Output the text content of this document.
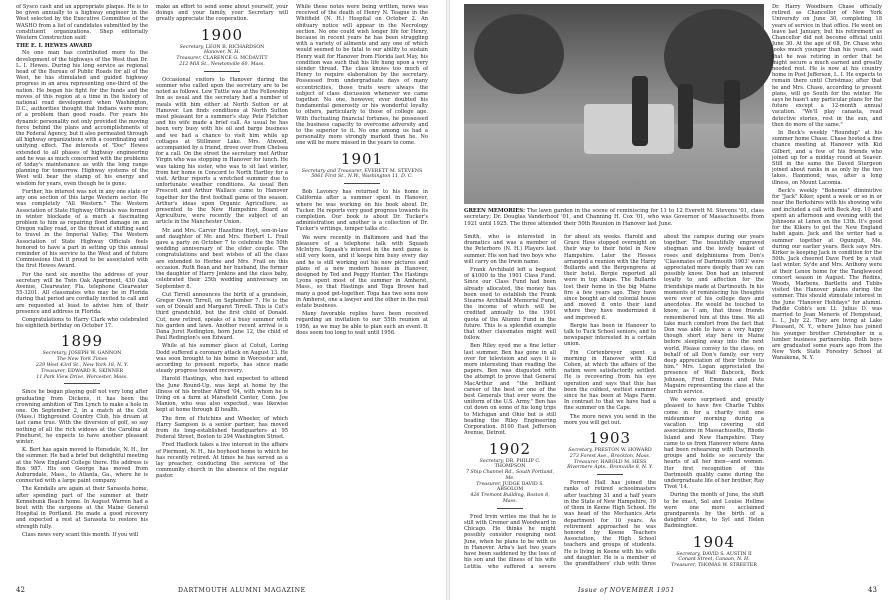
of Sysco cash and an appropriate plaque. He is to be given annually to a highway engineer in the West selected by the Executive Committee of the WASHO from a list of candidates submitted by the constituent organizations. Shep editorially Western Construction said:

THE E. I. HEWES AWARD

No one man has contributed more to the development of the highways of the West than Dr. L. I. Hewes. During his long service as regional head of the Bureau of Public Roads for all of the West, he has stimulated and guided highway progress in an area representing one-third of the nation. He began his fight for the funds and the moves of this region at a time in the history of national road development when Washington, D.C., authorities thought that Indians were more of a problem than good roads. For years his dynamic personality not only provided the moving force behind the plans and accomplishments of the Federal Agency, but it also permeated through all highway organizations with a coordinating and unifying effect. The interests of "Doc" Hewes extended to all phases of highway engineering and he was as much concerned with the problems of today's maintenance as with the long range planning for tomorrow. Highway systems of the West will bear the stamp of his energy and wisdom for years, even though he is gone.

Further, his interest was not in any one state or any one section of this large Western sector. He was completely "All Western." The Western Association of State Highway Officials was formed in winter blockade of a much a fascinating problem to him as repairing flood damage on an Oregon valley road, or the threat of shifting sand to travel in the Imperial Valley. The Western Association of State Highway Officials feels honored to have a part in setting up this annual reminder of his service to the West and of future Commissions that it proud to be associated with the first Hewes Award.

For the next six months the address of your secretary will be Twin Oak Apartment, 430 Oak Avenue, Clearwater, Fla. telephone Clearwater 55-3201. All classmates who may be in Florida during that period are cordially invited to call and are requested at least to advise him of their presence and address in Florida.

Congratulations to Harry Clark who celebrated his eightieth birthday on October 17.

1899
Secretary, JOSEPH W. GANNON
The New York Times
229 West 43rd St., New York 18, N. Y.
Treasurer, EDWARD R. SKINNER
11 Park View Drive, Worcester, Mass.

Since he began playing golf not very long after graduating from Dickens, it has been the crowning ambition of Tim Lynch to make a hole in one. On September 2, in a match at the Colt (Mass.) Highground Country Club, his dream at last came true. With the diversion of golf, so say nothing of all the rich widows at the Carolina at Pinehurst, he expects to have another pleasant winter.

K. Bert has again moved to Hensdale, N. H., for the summer. He had a brief but delightful meeting at the New England College there. His address is Box 987. His son George has moved from Auburndale, Mass., to Atlanta, Ga., where he is connected with a large paint company.

The Kendalls are again at their Sarasota home, after spending part of the summer at their Kennebunk Beach home. In August Warren had a bout with the surgeons at the Maine General Hospital in Portland. He made a good recovery and expected a rest at Sarasota to restore his strength fully.

Class news very scant this month. If you will

make an effort to send some about yourself, your doings and your family, your Secretary will greatly appreciate the cooperation.

1900
Secretary, LEON B. RICHARDSON
Hanover, N. H.
Treasurer, CLARENCE G. MCDAVITT
212 Mill St., Newtonville 60, Mass.

Occasional visitors to Hanover during the summer who called upon the secretary are to be noted as follows. Lew Tuttle was at the Fellowship Inn as usual and the secretary had a number of meals with him either at North Sutton or at Hanover. Len finds conditions at North Sutton most pleasant for a summer's stay. Pete Fletcher and his wife made a brief call. As usual he has been very busy with his oil and barge business and we had a chance to visit him while up cottages at Stillmeer Lake. Mrs. Atwood, accompanied by a friend, drove over from Chelsea for a call. On the street the secretary met Arthur Virgin who was stopping in Hanover for lunch. He was taking his sister, who was to sit last winter, from her home in Concord to North Hartley for a visit. Arthur reports a wretched summer due to unfortunate weather conditions. As usual Ben Prescott and Arthur Wallace came to Hanover together for the first football game of the season. Arthur's ideas upon Organic Agriculture, as presented to the New Hampshire Board of Agriculture, were recently the subject of an article in the Manchester Union.

Mr. and Mrs. Carver Hazeltine Hoyt, son-in-law and daughter of Mr. and Mrs. Herbert L. Frail gave a party on October 7 to celebrate the 50th wedding anniversary of the elder couple. The congratulations and best wishes of all the class are extended to Herbie and Mrs. Frail on this occasion. Ruth Bean and her husband, the former the daughter of Harry Jenkins and the class baby, celebrated their 25th wedding anniversary on September 8.

Cut Tirrell announces the birth of a grandson, Gregor Owen Tirrell, on September 7. He is the son of Donald and Margaret Tirrell. This is Cut's third grandchild, but the first child of Donald. Cut, now retired, speaks of a busy summer with his garden and lawn. Another recent arrival is a Dana Jurst Redington, born June 12, the child of Paul Redington's son Edward.

While at his summer place at Cotuit, Loring Dodd suffered a coronary attack on August 13. He was soon brought to his home in Worcester and, according to present reports, has since made steady progress toward recovery.

Harold Hastings, who had expected to attend the June Round-Up, was kept at home by the illness of his brother Alfred '04, with whom he is living on a farm at Mansfield Center, Conn. Joe Manion, who was also expected, was likewise kept at home through ill health.

The firm of Hutchins and Wheeler, of which Harry Sampson is a senior partner, has moved from its long-established headquarters at 95 Federal Street, Boston to 294 Washington Street.

Fred Hadlock takes a live interest in the affairs of Piermont, N. H., his boyhood home to which he has recently retired. At times he has served as a lay preacher, conducting the services of the community church in the absence of the regular pastor.

While these notes were being written, news was received of the death of Henry N. Teague in the Whitfield (N. H.) Hospital on October 2. An obituary notice will appear in the Necrology section. No one could wish longer life for Henry, because in recent years he has been struggling with a variety of ailments and any one of which would seemed to be fatal to our ability to sustain Henry wait for Hanover from Florida last May, his condition was such that his life hung upon a very slender thread. The class knows too much of Henry to require elaboration by the secretary. Possessed from undergraduate days of many eccentricities, those traits were always the subject of class discussion whenever we came together. No one, however, ever doubted his fundamental generosity or his wonderful loyalty to others, particularly to those of college age. With fluctuating financial fortunes, he possessed the business capacity to overcome adversity and to the superior to it. No one among us had a personality more strongly marked than he. No one will be more missed in the years to come.

1901
Secretary and Treasurer, EVERETT M. STEVENS
5061 First St., N.W., Washington 11, D. C.

Bob Lavoncy has returned to his home in California after a summer spent in Hanover, where he was working on his book about Dr. Tucker. He reports very good progress towards its completion. Our book is about Dr. Tucker's administration and another is a collection of Dr. Tucker's writings, temper talks etc.

We were recently in Baltimore and had the pleasure of a telephone talk with Squash McIntyre. Squash's interest in the next game is still very keen, and it keeps him busy every day and he is still working out his new pictures and plans of a new modern house in Hanover, designed by Ted and Peggy Hunter. The Hastings Lyons spent most of the summer in Amherst, Mass., so that Hastings and Toga Brown had many a good get-together. Toga has two sons now in Amherst, one a lawyer and the other in the real estate business.

Many favorable replies have been received regarding an invitation to our 55th reunion at 1956, as we may be able to plan such an event. It does seem too long to wait until 1956.

42	DARTMOUTH ALUMNI MAGAZINE
GREEN MEMORIES: The lawn garden in the scene of reminiscing for 11 to 12 Everett M. Stevens '01, class secretary; Dr. Douglas Vanderhoof '01, and Channing H. Cox '01, who was Governor of Massachusetts from 1921 until 1925. The three attended their 50th Reunion in Hanover last June.

Smith, who is interested in dramatics and was a member of the Peterboro (N. H.) Players last summer. His son had two boys who will carry on the Irwin name.

Frank Archibald left a bequest of $1000 to the 1901 Class Fund. Since our Class Fund had been already allocated, the money has been used to establish the Frank Stearns Archibald Memorial Fund, the income of which will be credited annually to the 1901 quota of the Alumni Fund in the future. This is a splendid example that other classmates might well follow.

Ben Riley eyed me a fine letter last summer. Ben has gone in all over for television and says it is more interesting than reading the papers. Ben was disgusted with the attempt to prove that General MacArthur and "the brilliant career of the best or one of the best Generals that ever wore the uniform of the U.S. Army." Ben has cut down on some of his long trips to Michigan and Ohio but is still heading the Riley Engineering Corporation. 8100 East Jefferson Avenue, Detroit.

1902
Secretary, DR. PHILIP C. THOMPSON
7 Ship Channel Rd., South Portland, Me.
Treasurer, JUDGE DAVID S. ABSOLOM
426 Tremont Building, Boston 8, Mass.

Fred Irvin writes me that he is still with Cremer and Woodward in Chicago. He thinks he might possibly consider resigning next June, when he plans to be with us in Hanover. Arba's last two years have been saddened by the loss of his son and the illness of his wife Letitia, who suffered a severe

for about six weeks. Harold and Grace Hess stopped overnight on their way to their hotel in New Hampshire. Later the Hesses arranged a reunion with the Harry Bullards and the Bergengrens at their hotel. Bergie reported all were in top shape. The Bullards lost their home in the big Maine fire a few years ago. They have since bought an old colonial house and moved it onto their land where they have modernized it and improved it.

Bergie has been in Hanover to talk to Tuck School seniors, and to newspaper interested in a certain union.

Fin Cortenbreyer spent a morning in Hanover with Kid Cohen, at which the affairs of the nation were satisfactorily settled. He is recovering from his eye operation and says that this has been the coldest, wettest summer since he has been at Maps Farm. In contrast to that we have had a fine summer on the Cape.

The more news you send in the more you will get out.

1903
Secretary, PRESTON W. HOWARD
273 Forest Ave., Brockton, Mass.
Treasurer, HAROLD M. HESS
Rivermere Apts., Bronxville 8, N. Y.

Forrest Hall has joined the ranks of retired schoolmasters after teaching 31 and a half years in the State of New Hampshire, 19 of them in Keene High School. He was head of the Mechanics Arts department for 10 years. As retirement approached he was honored by Keene Teachers Association, the High School teachers and groups of students. He is living in Keene with his wife and daughter. He is a member of the grandfathers' club with three

about the campus during our years together. The beautifully engraved stiegman and the lovely basket of roses and delphiniums from Don's 'Classmates of Dartmouth 1903' were appreciated more deeply than we can possibly know. Don had an inherent loyalty to and affection for the friendships made at Dartmouth. In his moments of reminiscing his thoughts were ever of his college days and anecdotes. He would be touched to know, as I am, that those friends remembered him at this time. We all take much comfort from the fact that Don was able to have a very happy though short stay here in Maine before sleeping away into the next world. Please convey to the class, on behalf of all Don's family, our very deep appreciation of their tribute to him." Mrs. Logan appreciated the presence of Walt Babcock, Bock Johnson, Fred Emmons and Pete Maguire representing the class at the church service.

We were surprised and greatly pleased to have five Charlie Tubbs come in for a charity visit one midsummer morning during a vacation trip covering old associations in Massachusetts, Rhode Island and New Hampshire. They came to us from Hanover where Anna had been rehearsing with Dartmouth groups and holds so securely the hearts of all her men—and women. Her first recognition of this Dartmouth quality came during the undergraduate life of her brother, Ray Tivot '14.

During the month of June, the shift to be exact, Sol and Louise Hellme were one more acclaimed grandparents by the birth of a daughter Anne, to Syl and Helen Badmington.

1904
Secretary, DAVID S. AUSTIN II
Conant Street, Canaan, N. H.
Treasurer, THOMAS W. STREETER

Dr. Harry Woodburn Chase officially retired as Chancellor of New York University on June 30, completing 18 years of service in that office. He went on leave last January, but his retirement as Chancellor did not become official until June 30. At the age of 68, Dr. Chase who looks much younger than his years, said that he was retiring in order that he might secure a much earned and greatly needed rest. He is now at his country home in Post Jefferson, L. I. He expects to remain there until Christmas; after that he and Mrs. Chase, according to present plans, will go South for the winter. He says he hasn't any particular plans for the future except a 12-month annual vacation. "We'll play canasta, read detective stories, rest in the sun, and then do more of the same."

In Beck's weekly "Roundup" at his summer home Chase. Chase hosted a fine chance meeting at Hanover with Kid Gilbert, and a few of his friends who joined up for a midday round at Seaver. Still in the same the Daved Sturgeon joined about ranks in as only by the two lakes. Hammond, was, after a long illness, on Mount Lacomia.

Beck's weekly "Bohemia" diminutive for "Jack" Kiker, spent a week or so in or near the Berkshires with his showing wife and included a call with Beck Avg. 10 and spent an afternoon and evening with the Johnsons at Lenox on the 13th. It's good for the Kikers to get the New England habit again. Jack and the writer had a summer together at Ogunquit, Me. during our earlier years. Beck says Mrs. Kirker is keeping Jack in condition for the 50th. Jack cheered Dave Ford by a visit last winter. Sy'de and Mrs. Anthony were at their Lenox home for the Tanglewood concert season in August. The Redins, Woods, Marbens, Bartletts and Tubbs visited the Hanover plains during the summer. This should stimulate interest in the June "Hanover Holidays" for alumni. Paddie Cobb's son Lt. Julius D. was married to Jean Meneris of Hempstead, L. I., July 22. They are living at Lake Pleasant, N. Y., where Julius has joined his younger brother Christopher in a lumber business partnership. Both boys are graduated some years ago from the New York State Forestry School at Wanakena, N. Y.

Issue of NOVEMBER 1951	43
